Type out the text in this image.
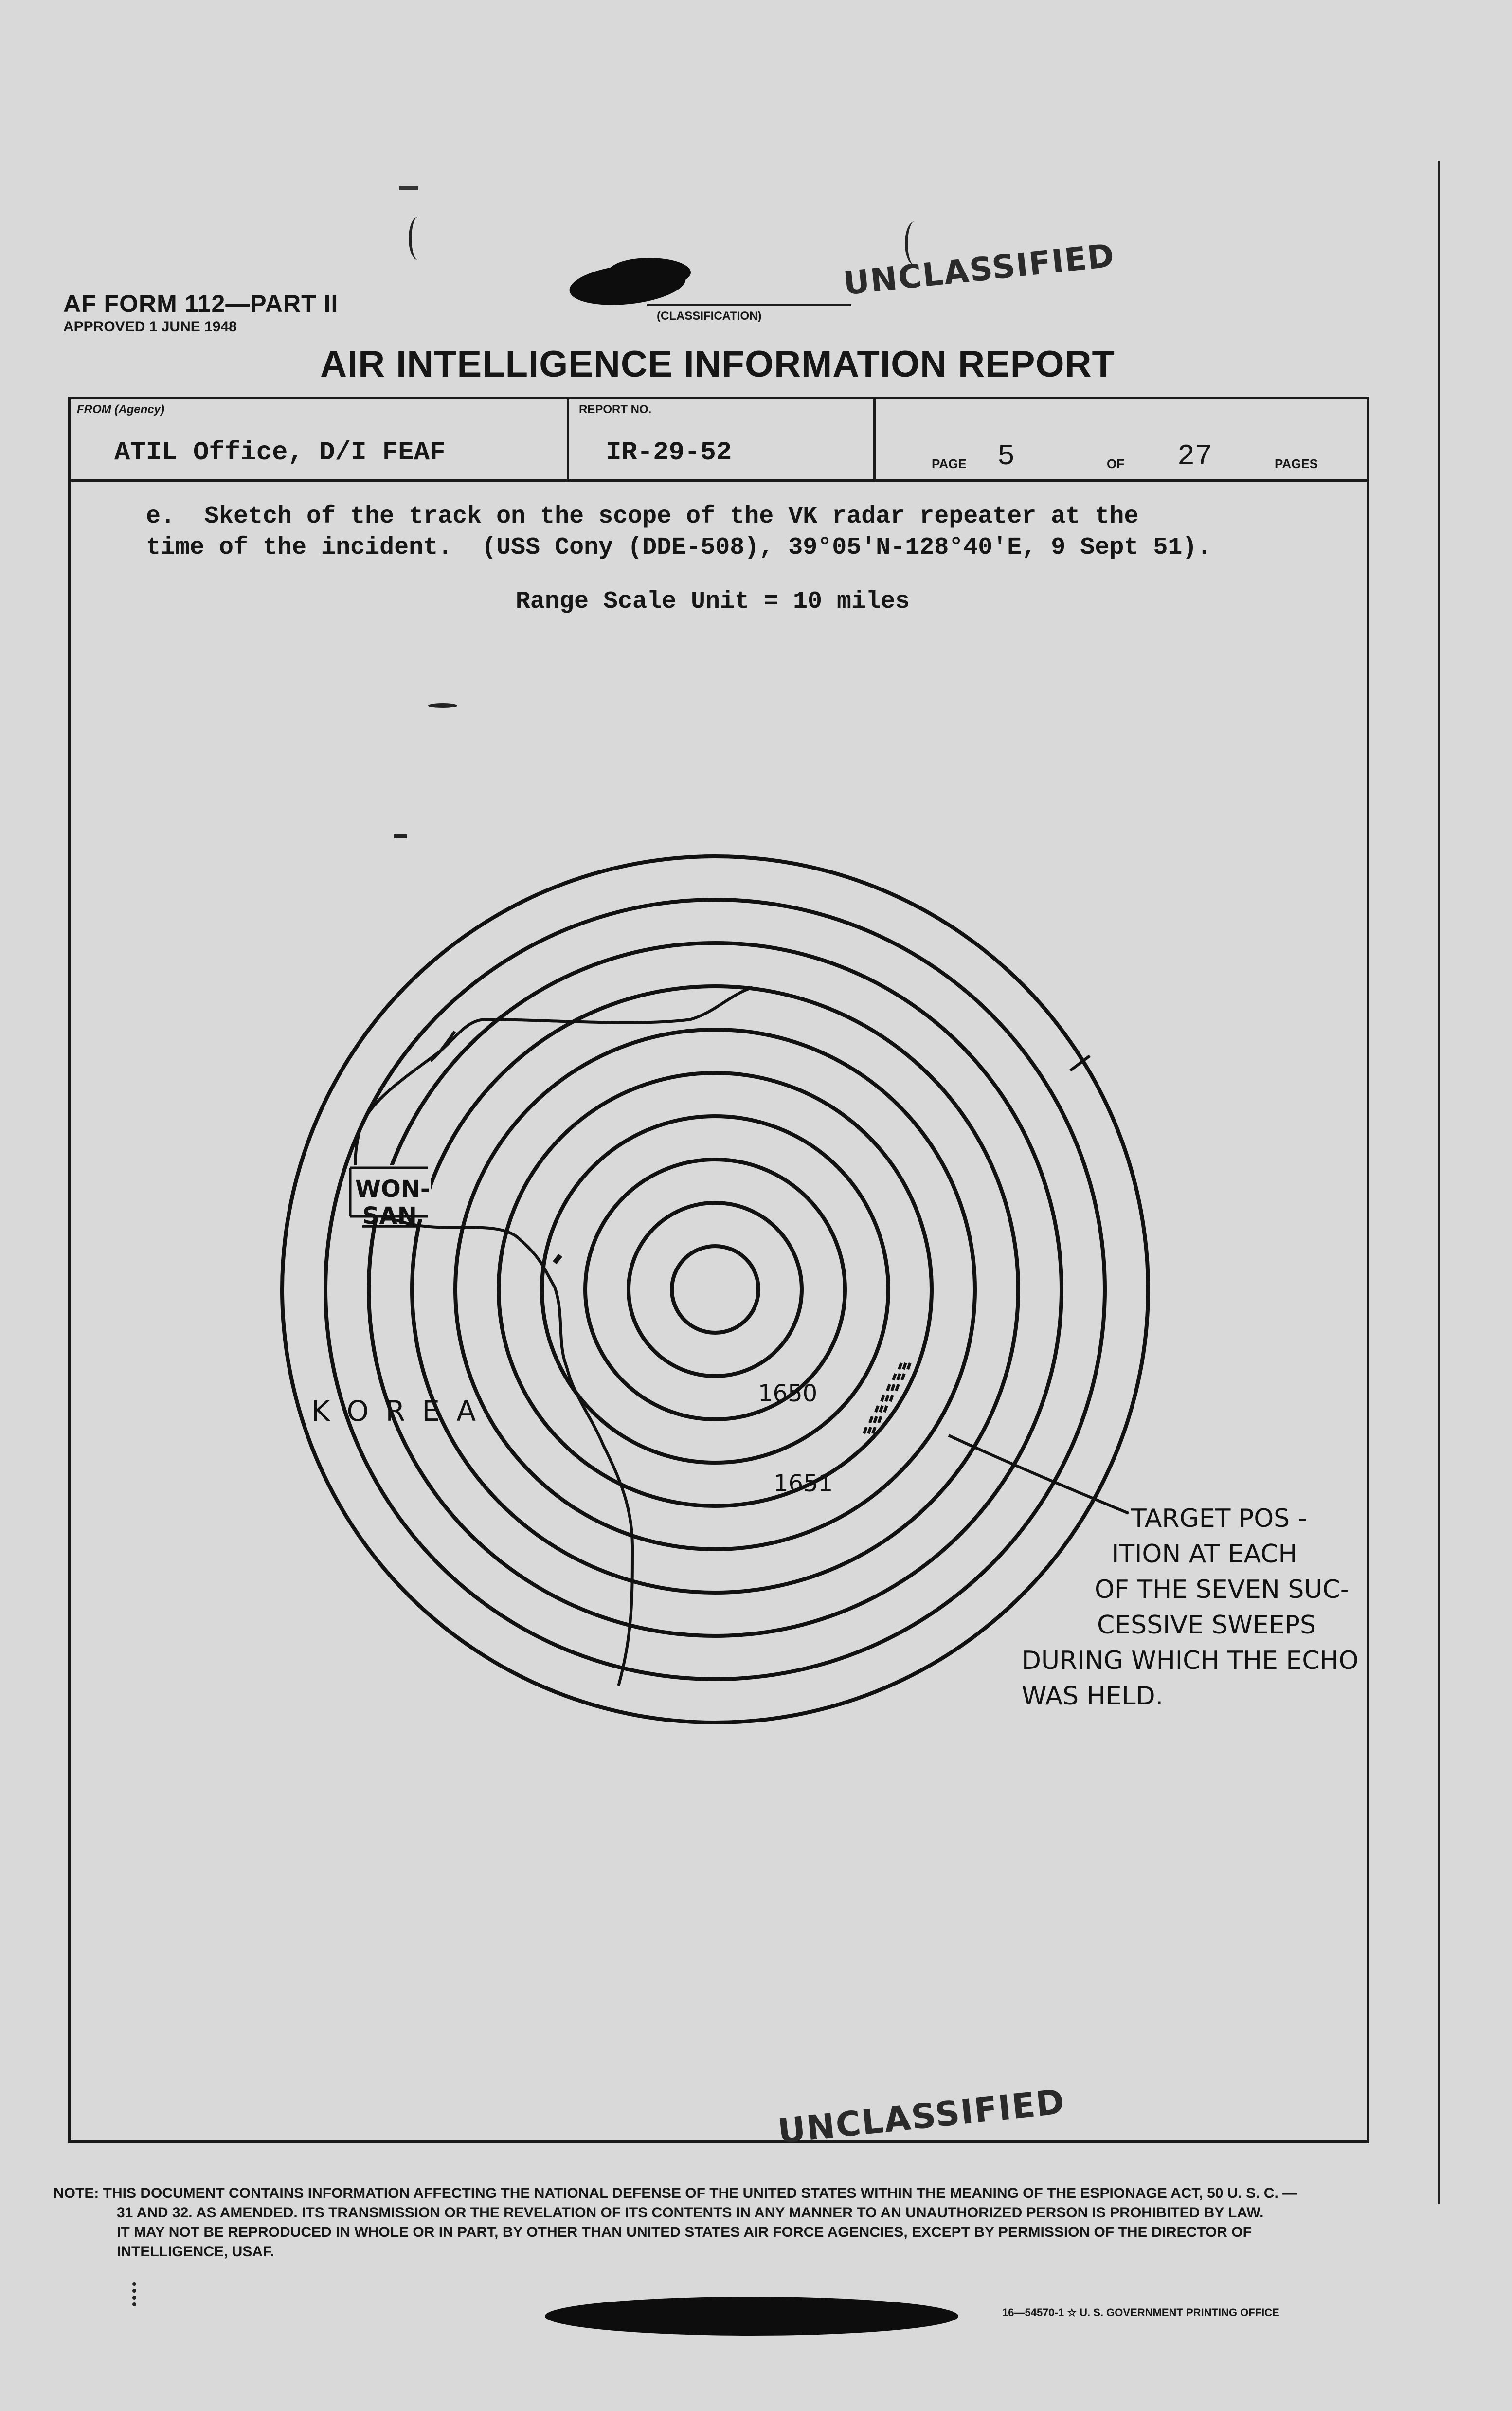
AF FORM 112—PART II
APPROVED 1 JUNE 1948
(CLASSIFICATION)
UNCLASSIFIED
AIR INTELLIGENCE INFORMATION REPORT
FROM (Agency)
ATIL Office, D/I FEAF
REPORT NO.
IR-29-52	PAGE 5	OF 27	PAGES
e.  Sketch of the track on the scope of the VK radar repeater at the
time of the incident.  (USS Cony (DDE-508), 39°05'N-128°40'E, 9 Sept 51).
Range Scale Unit = 10 miles
WON-
SAN
K O R E A
1650
1651
TARGET POS -
ITION AT EACH
OF THE SEVEN SUC-
CESSIVE SWEEPS
DURING WHICH THE ECHO
WAS HELD.
UNCLASSIFIED
NOTE: THIS DOCUMENT CONTAINS INFORMATION AFFECTING THE NATIONAL DEFENSE OF THE UNITED STATES WITHIN THE MEANING OF THE ESPIONAGE ACT, 50 U. S. C. —
31 AND 32. AS AMENDED. ITS TRANSMISSION OR THE REVELATION OF ITS CONTENTS IN ANY MANNER TO AN UNAUTHORIZED PERSON IS PROHIBITED BY LAW.
IT MAY NOT BE REPRODUCED IN WHOLE OR IN PART, BY OTHER THAN UNITED STATES AIR FORCE AGENCIES, EXCEPT BY PERMISSION OF THE DIRECTOR OF
INTELLIGENCE, USAF.
16—54570-1 ☆ U. S. GOVERNMENT PRINTING OFFICE
